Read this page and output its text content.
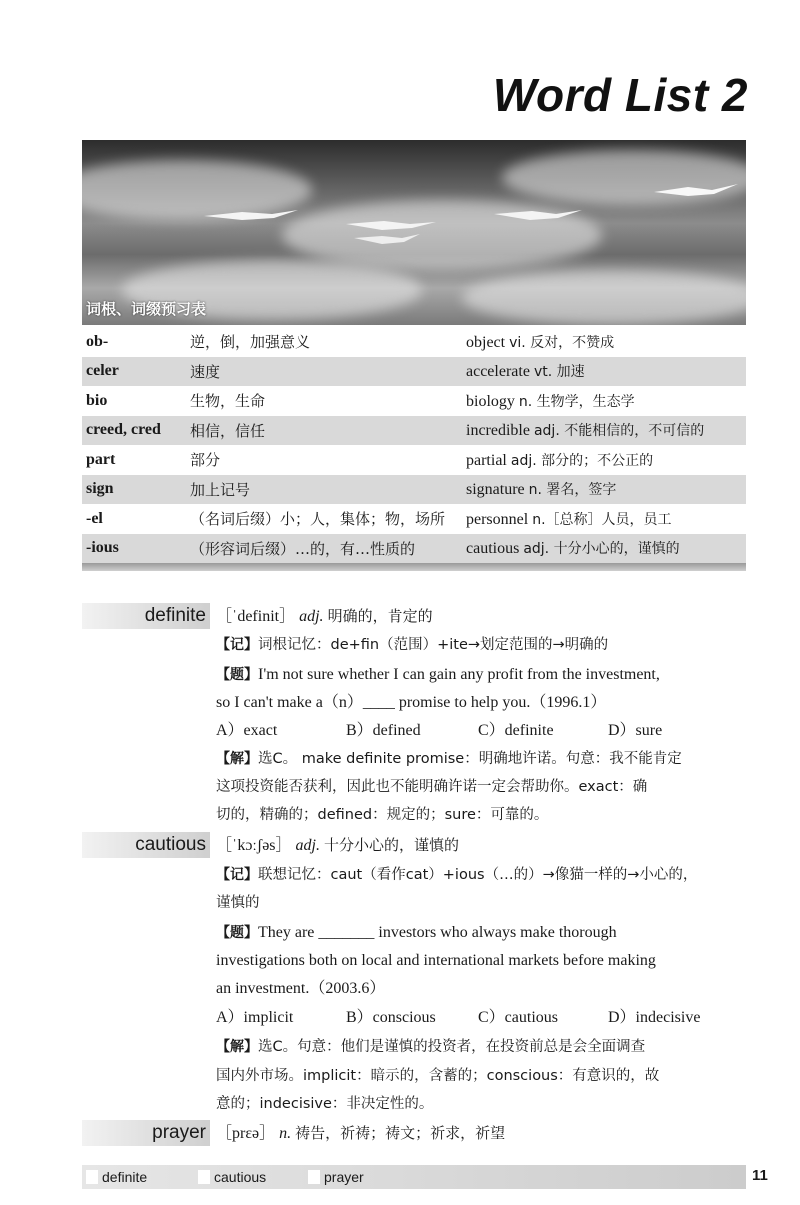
Word List 2
词根、词缀预习表
ob-	逆，倒，加强意义	object vi. 反对，不赞成
celer	速度	accelerate vt. 加速
bio	生物，生命	biology n. 生物学，生态学
creed, cred	相信，信任	incredible adj. 不能相信的，不可信的
part	部分	partial adj. 部分的；不公正的
sign	加上记号	signature n. 署名，签字
-el	（名词后缀）小；人，集体；物，场所	personnel n.［总称］人员，员工
-ious	（形容词后缀）…的，有…性质的	cautious adj. 十分小心的，谨慎的
definite ［ˈdefinit］ adj. 明确的，肯定的
【记】词根记忆：de+fin（范围）+ite→划定范围的→明确的
【题】I'm not sure whether I can gain any profit from the investment,
so I can't make a（n）____ promise to help you.（1996.1）
A）exact	B）defined	C）definite	D）sure
【解】选C。 make definite promise：明确地许诺。句意：我不能肯定
这项投资能否获利，因此也不能明确许诺一定会帮助你。exact：确
切的，精确的；defined：规定的；sure：可靠的。
cautious ［ˈkɔːʃəs］ adj. 十分小心的，谨慎的
【记】联想记忆：caut（看作cat）+ious（…的）→像猫一样的→小心的，
谨慎的
【题】They are _______ investors who always make thorough
investigations both on local and international markets before making
an investment.（2003.6）
A）implicit	B）conscious	C）cautious	D）indecisive
【解】选C。句意：他们是谨慎的投资者，在投资前总是会全面调查
国内外市场。implicit：暗示的，含蓄的；conscious：有意识的，故
意的；indecisive：非决定性的。
prayer ［prɛə］ n. 祷告，祈祷；祷文；祈求，祈望
definite	cautious	prayer	11
